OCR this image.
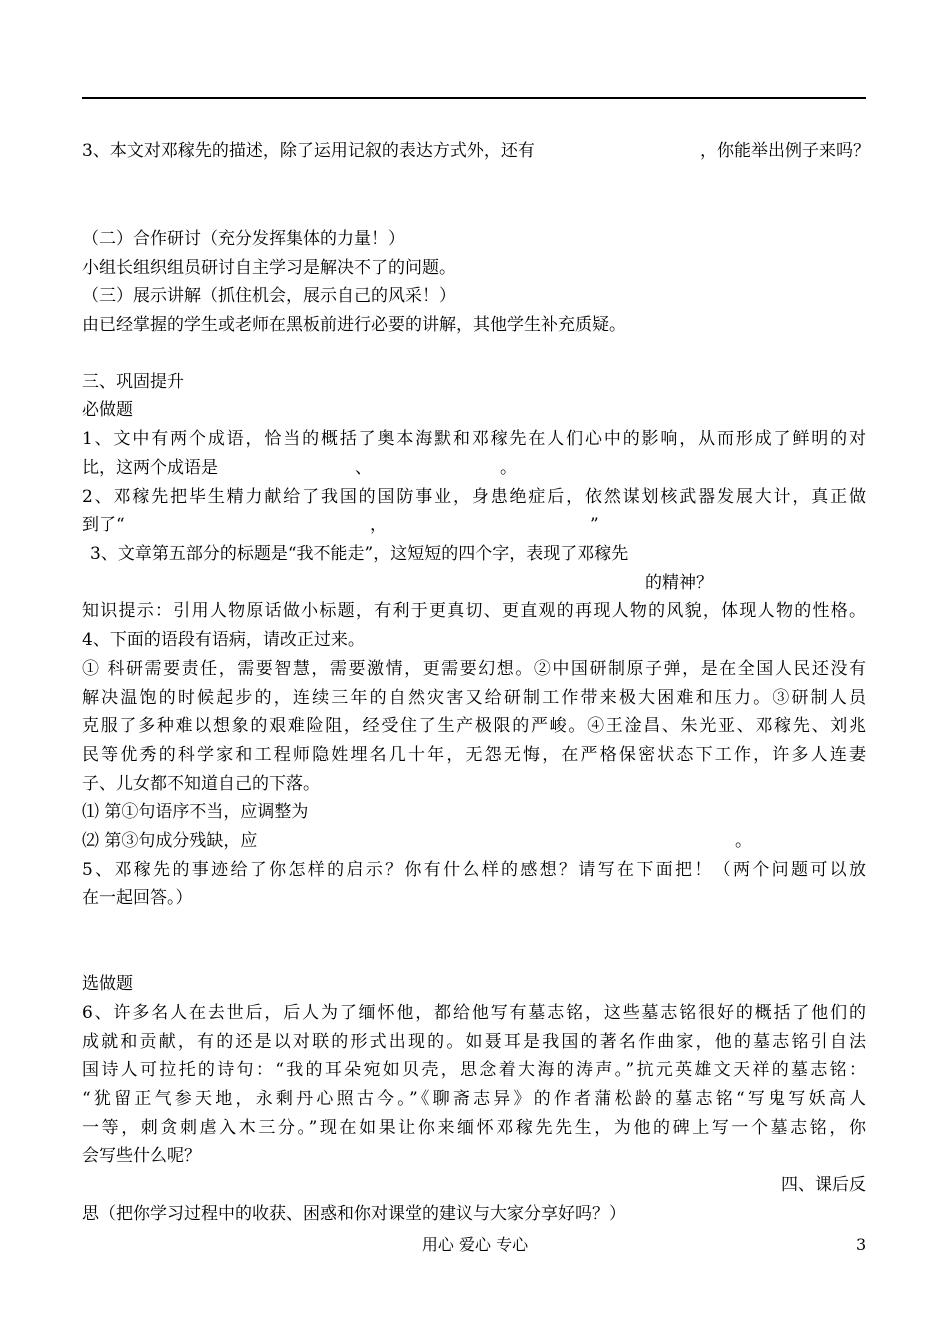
3、本文对邓稼先的描述，除了运用记叙的表达方式外，还有	，你能举出例子来吗？
（二）合作研讨（充分发挥集体的力量！）
小组长组织组员研讨自主学习是解决不了的问题。
（三）展示讲解（抓住机会，展示自己的风采！）
由已经掌握的学生或老师在黑板前进行必要的讲解，其他学生补充质疑。
三、巩固提升
必做题
1、文中有两个成语，恰当的概括了奥本海默和邓稼先在人们心中的影响，从而形成了鲜明的对
比，这两个成语是	、	。
2、邓稼先把毕生精力献给了我国的国防事业，身患绝症后，依然谋划核武器发展大计，真正做
到了“	，	”
3、文章第五部分的标题是“我不能走”，这短短的四个字，表现了邓稼先
的精神？
知识提示：引用人物原话做小标题，有利于更真切、更直观的再现人物的风貌，体现人物的性格。
4、下面的语段有语病，请改正过来。
① 科研需要责任，需要智慧，需要激情，更需要幻想。②中国研制原子弹，是在全国人民还没有
解决温饱的时候起步的，连续三年的自然灾害又给研制工作带来极大困难和压力。③研制人员
克服了多种难以想象的艰难险阻，经受住了生产极限的严峻。④王淦昌、朱光亚、邓稼先、刘兆
民等优秀的科学家和工程师隐姓埋名几十年，无怨无悔，在严格保密状态下工作，许多人连妻
子、儿女都不知道自己的下落。
⑴ 第①句语序不当，应调整为
⑵ 第③句成分残缺，应	。
5、邓稼先的事迹给了你怎样的启示？你有什么样的感想？请写在下面把！（两个问题可以放
在一起回答。）
选做题
6、许多名人在去世后，后人为了缅怀他，都给他写有墓志铭，这些墓志铭很好的概括了他们的
成就和贡献，有的还是以对联的形式出现的。如聂耳是我国的著名作曲家，他的墓志铭引自法
国诗人可拉托的诗句：“我的耳朵宛如贝壳，思念着大海的涛声。”抗元英雄文天祥的墓志铭：
“犹留正气参天地，永剩丹心照古今。”《聊斋志异》的作者蒲松龄的墓志铭“写鬼写妖高人
一等，刺贪刺虐入木三分。”现在如果让你来缅怀邓稼先先生，为他的碑上写一个墓志铭，你
会写些什么呢？
四、课后反
思（把你学习过程中的收获、困惑和你对课堂的建议与大家分享好吗？）
用心 爱心 专心	3
